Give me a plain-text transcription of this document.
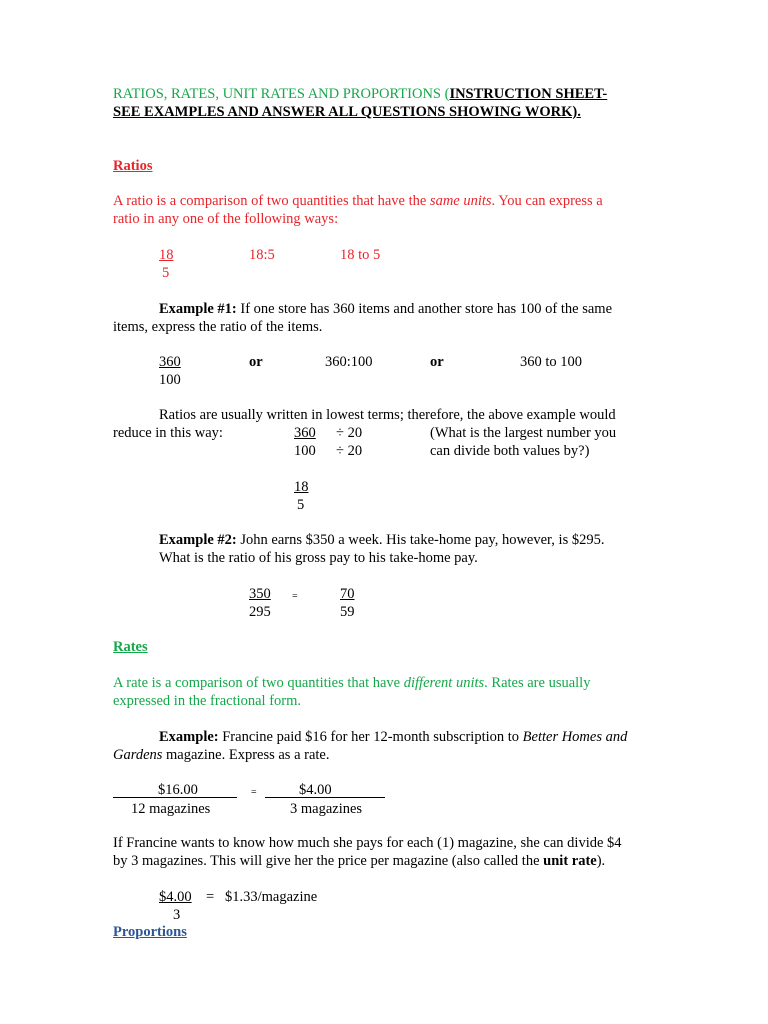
RATIOS, RATES, UNIT RATES AND PROPORTIONS (INSTRUCTION SHEET-
SEE EXAMPLES AND ANSWER ALL QUESTIONS SHOWING WORK).
Ratios
A ratio is a comparison of two quantities that have the same units. You can express a
ratio in any one of the following ways:
18
5
18:5	18 to 5
Example #1: If one store has 360 items and another store has 100 of the same
items, express the ratio of the items.
360
100
or	360:100	or	360 to 100
Ratios are usually written in lowest terms; therefore, the above example would
reduce in this way:	360 ÷ 20	(What is the largest number you
100 ÷ 20	can divide both values by?)
18
5
Example #2: John earns $350 a week. His take-home pay, however, is $295.
What is the ratio of his gross pay to his take-home pay.
350
295
=	70
59
Rates
A rate is a comparison of two quantities that have different units. Rates are usually
expressed in the fractional form.
Example: Francine paid $16 for her 12-month subscription to Better Homes and
Gardens magazine. Express as a rate.
$16.00
12 magazines
=	$4.00
3 magazines
If Francine wants to know how much she pays for each (1) magazine, she can divide $4
by 3 magazines. This will give her the price per magazine (also called the unit rate).
$4.00 = $1.33/magazine
3
Proportions
